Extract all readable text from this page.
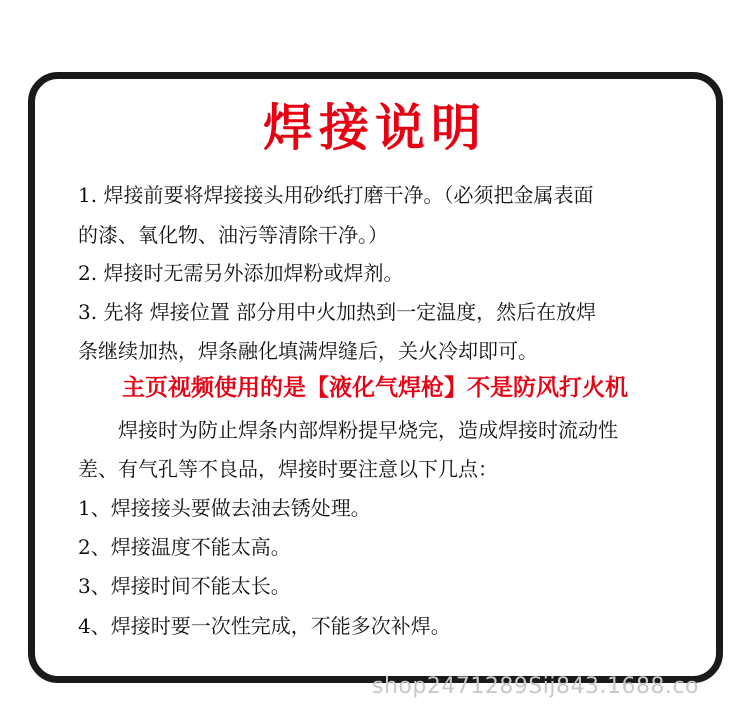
焊接说明
1. 焊接前要将焊接接头用砂纸打磨干净。（必须把金属表面
的漆、氧化物、油污等清除干净。）
2. 焊接时无需另外添加焊粉或焊剂。
3. 先将 焊接位置 部分用中火加热到一定温度，然后在放焊
条继续加热，焊条融化填满焊缝后，关火冷却即可。
主页视频使用的是【液化气焊枪】不是防风打火机
焊接时为防止焊条内部焊粉提早烧完，造成焊接时流动性
差、有气孔等不良品，焊接时要注意以下几点：
1、焊接接头要做去油去锈处理。
2、焊接温度不能太高。
3、焊接时间不能太长。
4、焊接时要一次性完成，不能多次补焊。
shop2471289Sij843.1688.co
